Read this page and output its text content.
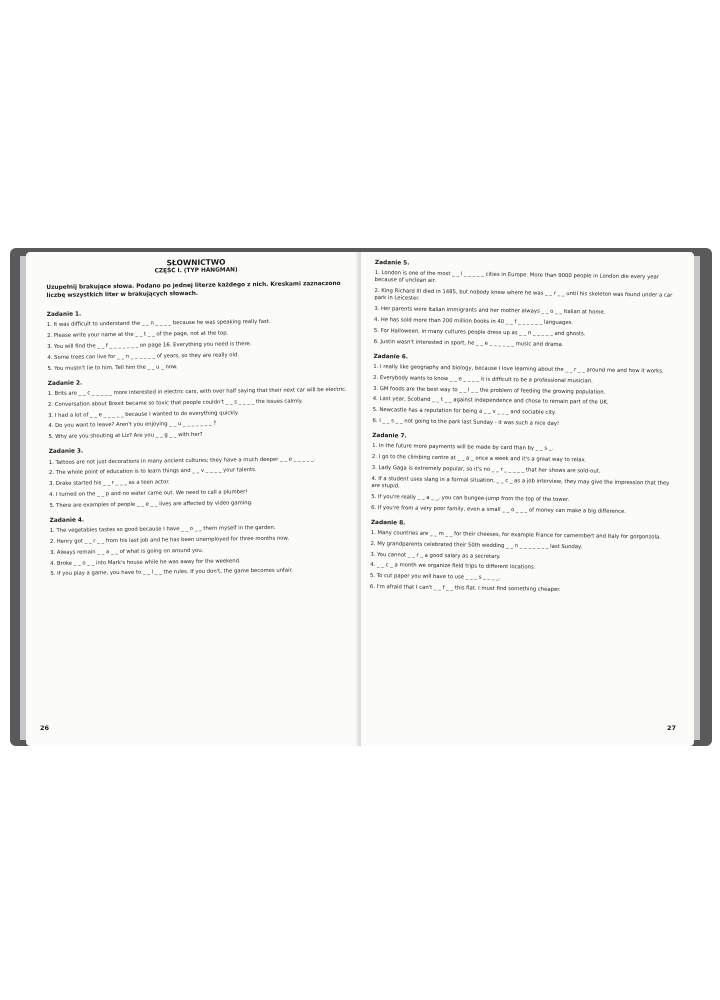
SŁOWNICTWO

CZĘŚĆ I. (TYP HANGMAN)

Uzupełnij brakujące słowa. Podano po jednej literze każdego z nich. Kreskami zaznaczono liczbę wszystkich liter w brakujących słowach.

Zadanie 1.

1. It was difficult to understand the _ _ n _ _ _ _ because he was speaking really fast.

2. Please write your name at the _ _ t _ _ of the page, not at the top.

3. You will find the _ _ f _ _ _ _ _ _ _ on page 16. Everything you need is there.

4. Some trees can live for _ _ n _ _ _ _ _ _ of years, so they are really old.

5. You mustn't lie to him. Tell him the _ _ u _ now.

Zadanie 2.

1. Brits are _ _ c _ _ _ _ _ more interested in electric cars, with over half saying that their next car will be electric.

2. Conversation about Brexit became so toxic that people couldn't _ _ s _ _ _ _ the issues calmly.

3. I had a lot of _ _ e _ _ _ _ _ because I wanted to do everything quickly.

4. Do you want to leave? Aren't you enjoying _ _ u _ _ _ _ _ _ _ ?

5. Why are you shouting at Liz? Are you _ _ g _ _ with her?

Zadanie 3.

1. Tattoos are not just decorations in many ancient cultures; they have a much deeper _ _ e _ _ _ _ _.

2. The whole point of education is to learn things and _ _ v _ _ _ _ your talents.

3. Drake started his _ _ r _ _ _ as a teen actor.

4. I turned on the _ _ p and no water came out. We need to call a plumber!

5. There are examples of people _ _ e _ _ lives are affected by video gaming.

Zadanie 4.

1. The vegetables tastes so good because I have _ _ o _ _ them myself in the garden.

2. Henry got _ _ r _ _ from his last job and he has been unemployed for three months now.

3. Always remain _ _ a _ _ of what is going on around you.

4. Broke _ _ o _ _ into Mark's house while he was away for the weekend.

5. If you play a game, you have to _ _ l _ _ the rules. If you don't, the game becomes unfair.

26

Zadanie 5.

1. London is one of the most _ _ l _ _ _ _ _ cities in Europe. More than 9000 people in London die every year because of unclean air.

2. King Richard III died in 1485, but nobody knew where he was _ _ r _ _ until his skeleton was found under a car park in Leicester.

3. Her parents were Italian immigrants and her mother always _ _ o _ _ Italian at home.

4. He has sold more than 200 million books in 40 _ _ f _ _ _ _ _ _ languages.

5. For Halloween, in many cultures people dress up as _ _ n _ _ _ _ _ and ghosts.

6. Justin wasn't interested in sport, he _ _ e _ _ _ _ _ _ music and drama.

Zadanie 6.

1. I really like geography and biology, because I love learning about the _ _ r _ _ around me and how it works.

2. Everybody wants to know _ _ e _ _ _ _ it is difficult to be a professional musician.

3. GM foods are the best way to _ _ l _ _ the problem of feeding the growing population.

4. Last year, Scotland _ _ t _ _ against independence and chose to remain part of the UK.

5. Newcastle has a reputation for being a _ _ v _ _ _ and sociable city.

6. I _ _ s _ _ not going to the park last Sunday - it was such a nice day!

Zadanie 7.

1. In the future more payments will be made by card than by _ _ s _.

2. I go to the climbing centre at _ _ a _ once a week and it's a great way to relax.

3. Lady Gaga is extremely popular, so it's no _ _ r _ _ _ _ _ that her shows are sold-out.

4. If a student uses slang in a formal situation, _ _ c _ as a job interview, they may give the impression that they are stupid.

5. If you're really _ _ a _ _, you can bungee-jump from the top of the tower.

6. If you're from a very poor family, even a small _ _ o _ _ _ of money can make a big difference.

Zadanie 8.

1. Many countries are _ _ m _ _ for their cheeses, for example France for camembert and Italy for gorgonzola.

2. My grandparents celebrated their 50th wedding _ _ n _ _ _ _ _ _ _ last Sunday.

3. You cannot _ _ r _ a good salary as a secretary.

4. _ _ c _ a month we organize field trips to different locations.

5. To cut paper you will have to use _ _ _ s _ _ _ _.

6. I'm afraid that I can't _ _ f _ _ this flat. I must find something cheaper.

27
